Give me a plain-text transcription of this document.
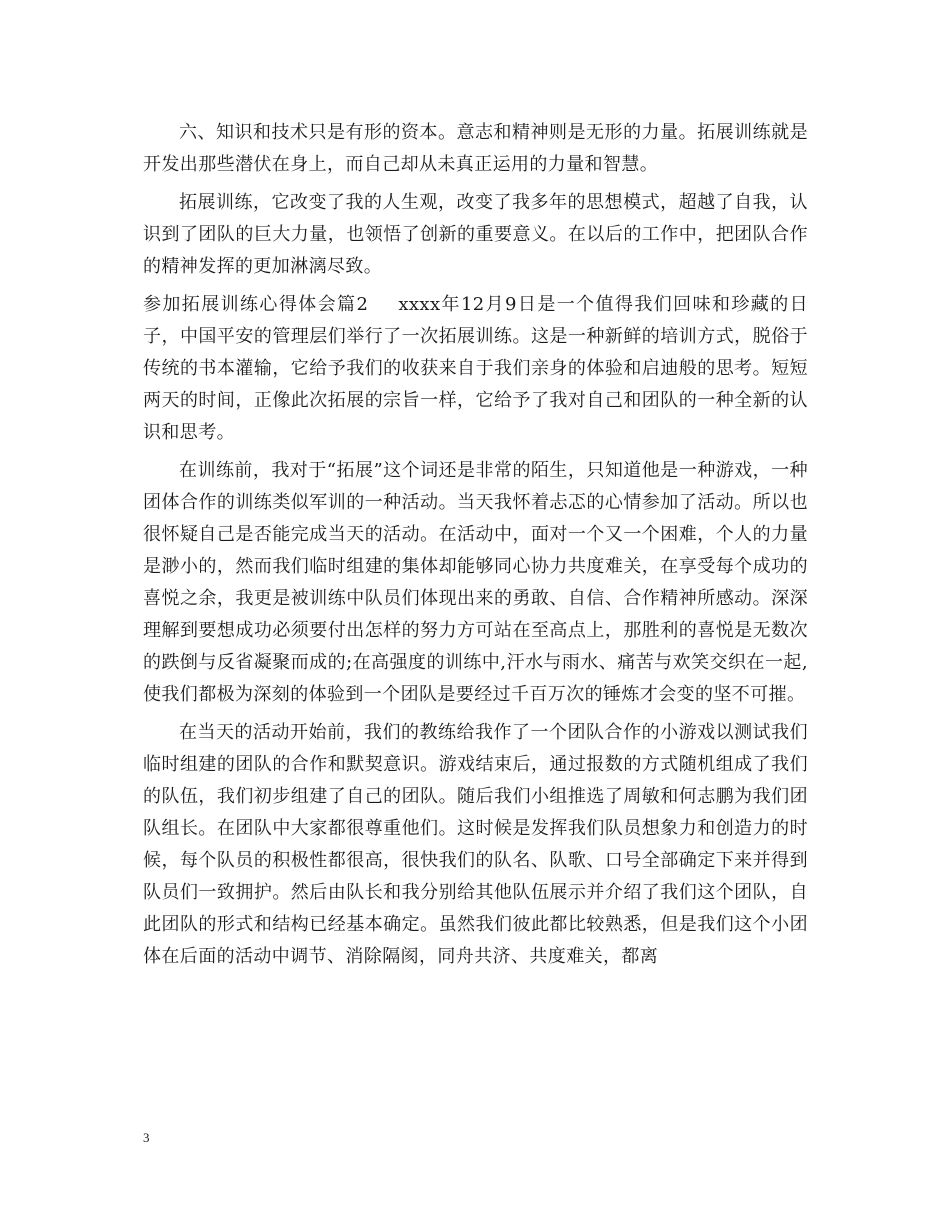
六、知识和技术只是有形的资本。意志和精神则是无形的力量。拓展训练就是开发出那些潜伏在身上，而自己却从未真正运用的力量和智慧。

拓展训练，它改变了我的人生观，改变了我多年的思想模式，超越了自我，认识到了团队的巨大力量，也领悟了创新的重要意义。在以后的工作中，把团队合作的精神发挥的更加淋漓尽致。

参加拓展训练心得体会篇2 xxxx年12月9日是一个值得我们回味和珍藏的日子，中国平安的管理层们举行了一次拓展训练。这是一种新鲜的培训方式，脱俗于传统的书本灌输，它给予我们的收获来自于我们亲身的体验和启迪般的思考。短短两天的时间，正像此次拓展的宗旨一样，它给予了我对自己和团队的一种全新的认识和思考。

在训练前，我对于“拓展”这个词还是非常的陌生，只知道他是一种游戏，一种团体合作的训练类似军训的一种活动。当天我怀着忐忑的心情参加了活动。所以也很怀疑自己是否能完成当天的活动。在活动中，面对一个又一个困难，个人的力量是渺小的，然而我们临时组建的集体却能够同心协力共度难关，在享受每个成功的喜悦之余，我更是被训练中队员们体现出来的勇敢、自信、合作精神所感动。深深理解到要想成功必须要付出怎样的努力方可站在至高点上，那胜利的喜悦是无数次的跌倒与反省凝聚而成的;在高强度的训练中,汗水与雨水、痛苦与欢笑交织在一起,使我们都极为深刻的体验到一个团队是要经过千百万次的锤炼才会变的坚不可摧。

在当天的活动开始前，我们的教练给我作了一个团队合作的小游戏以测试我们临时组建的团队的合作和默契意识。游戏结束后，通过报数的方式随机组成了我们的队伍，我们初步组建了自己的团队。随后我们小组推选了周敏和何志鹏为我们团队组长。在团队中大家都很尊重他们。这时候是发挥我们队员想象力和创造力的时候，每个队员的积极性都很高，很快我们的队名、队歌、口号全部确定下来并得到队员们一致拥护。然后由队长和我分别给其他队伍展示并介绍了我们这个团队，自此团队的形式和结构已经基本确定。虽然我们彼此都比较熟悉，但是我们这个小团体在后面的活动中调节、消除隔阂，同舟共济、共度难关，都离

3
